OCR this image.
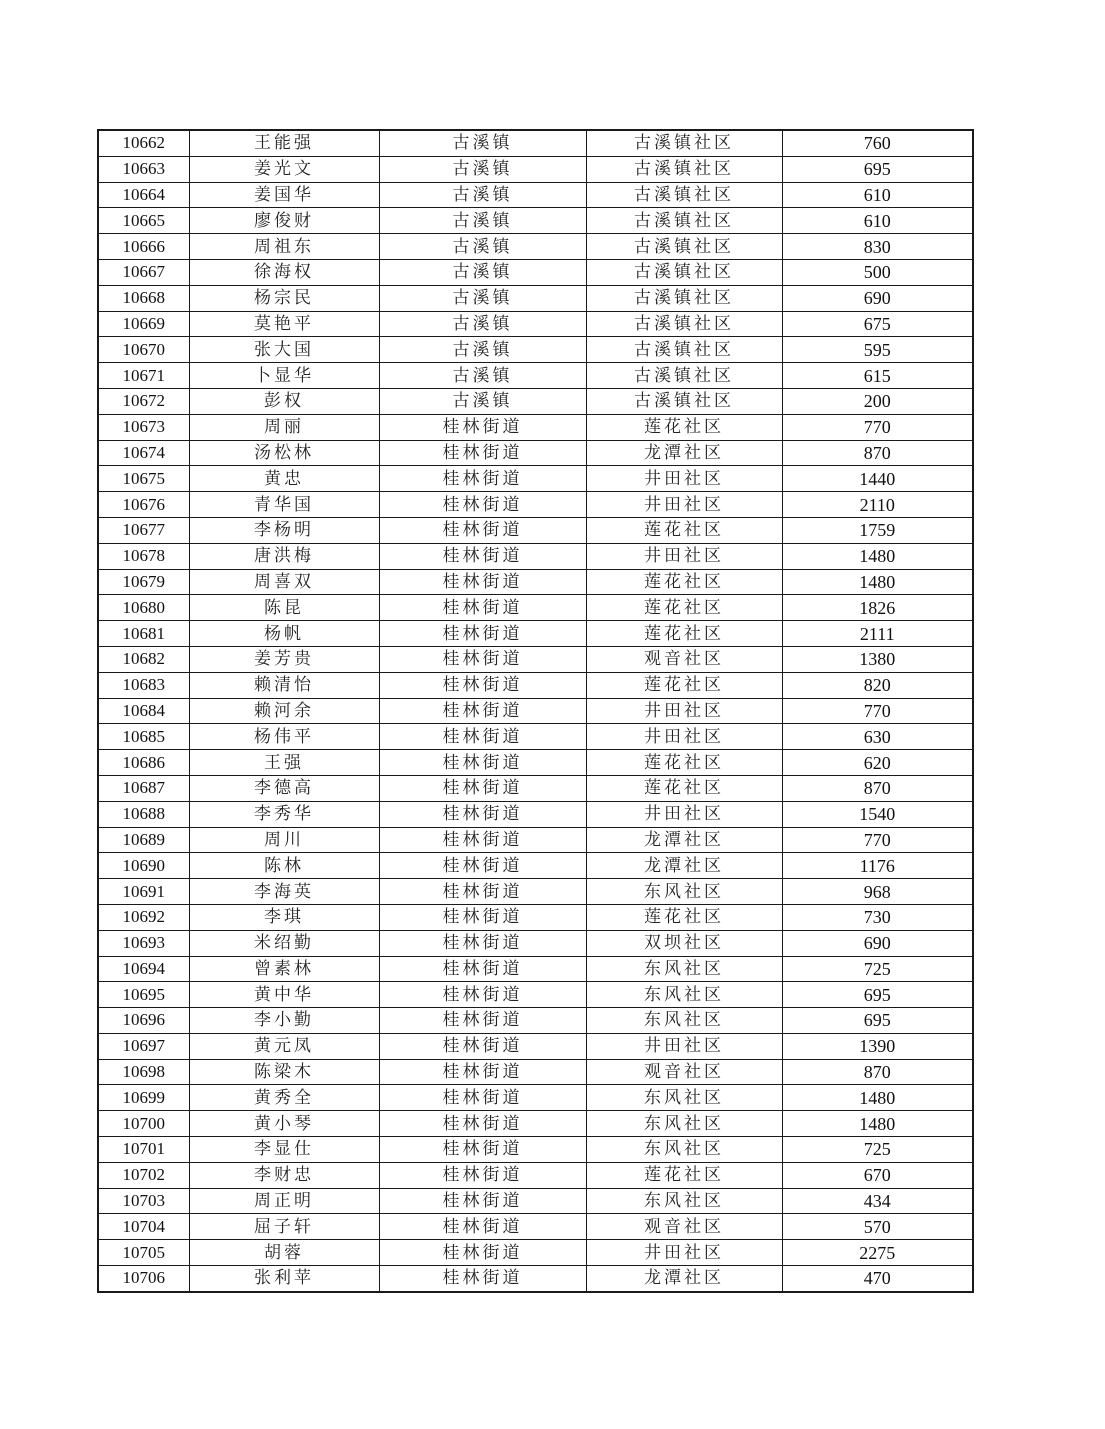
10662	王能强	古溪镇	古溪镇社区	760
10663	姜光文	古溪镇	古溪镇社区	695
10664	姜国华	古溪镇	古溪镇社区	610
10665	廖俊财	古溪镇	古溪镇社区	610
10666	周祖东	古溪镇	古溪镇社区	830
10667	徐海权	古溪镇	古溪镇社区	500
10668	杨宗民	古溪镇	古溪镇社区	690
10669	莫艳平	古溪镇	古溪镇社区	675
10670	张大国	古溪镇	古溪镇社区	595
10671	卜显华	古溪镇	古溪镇社区	615
10672	彭权	古溪镇	古溪镇社区	200
10673	周丽	桂林街道	莲花社区	770
10674	汤松林	桂林街道	龙潭社区	870
10675	黄忠	桂林街道	井田社区	1440
10676	青华国	桂林街道	井田社区	2110
10677	李杨明	桂林街道	莲花社区	1759
10678	唐洪梅	桂林街道	井田社区	1480
10679	周喜双	桂林街道	莲花社区	1480
10680	陈昆	桂林街道	莲花社区	1826
10681	杨帆	桂林街道	莲花社区	2111
10682	姜芳贵	桂林街道	观音社区	1380
10683	赖清怡	桂林街道	莲花社区	820
10684	赖河余	桂林街道	井田社区	770
10685	杨伟平	桂林街道	井田社区	630
10686	王强	桂林街道	莲花社区	620
10687	李德高	桂林街道	莲花社区	870
10688	李秀华	桂林街道	井田社区	1540
10689	周川	桂林街道	龙潭社区	770
10690	陈林	桂林街道	龙潭社区	1176
10691	李海英	桂林街道	东风社区	968
10692	李琪	桂林街道	莲花社区	730
10693	米绍勤	桂林街道	双坝社区	690
10694	曾素林	桂林街道	东风社区	725
10695	黄中华	桂林街道	东风社区	695
10696	李小勤	桂林街道	东风社区	695
10697	黄元凤	桂林街道	井田社区	1390
10698	陈梁木	桂林街道	观音社区	870
10699	黄秀全	桂林街道	东风社区	1480
10700	黄小琴	桂林街道	东风社区	1480
10701	李显仕	桂林街道	东风社区	725
10702	李财忠	桂林街道	莲花社区	670
10703	周正明	桂林街道	东风社区	434
10704	屈子轩	桂林街道	观音社区	570
10705	胡蓉	桂林街道	井田社区	2275
10706	张利苹	桂林街道	龙潭社区	470
